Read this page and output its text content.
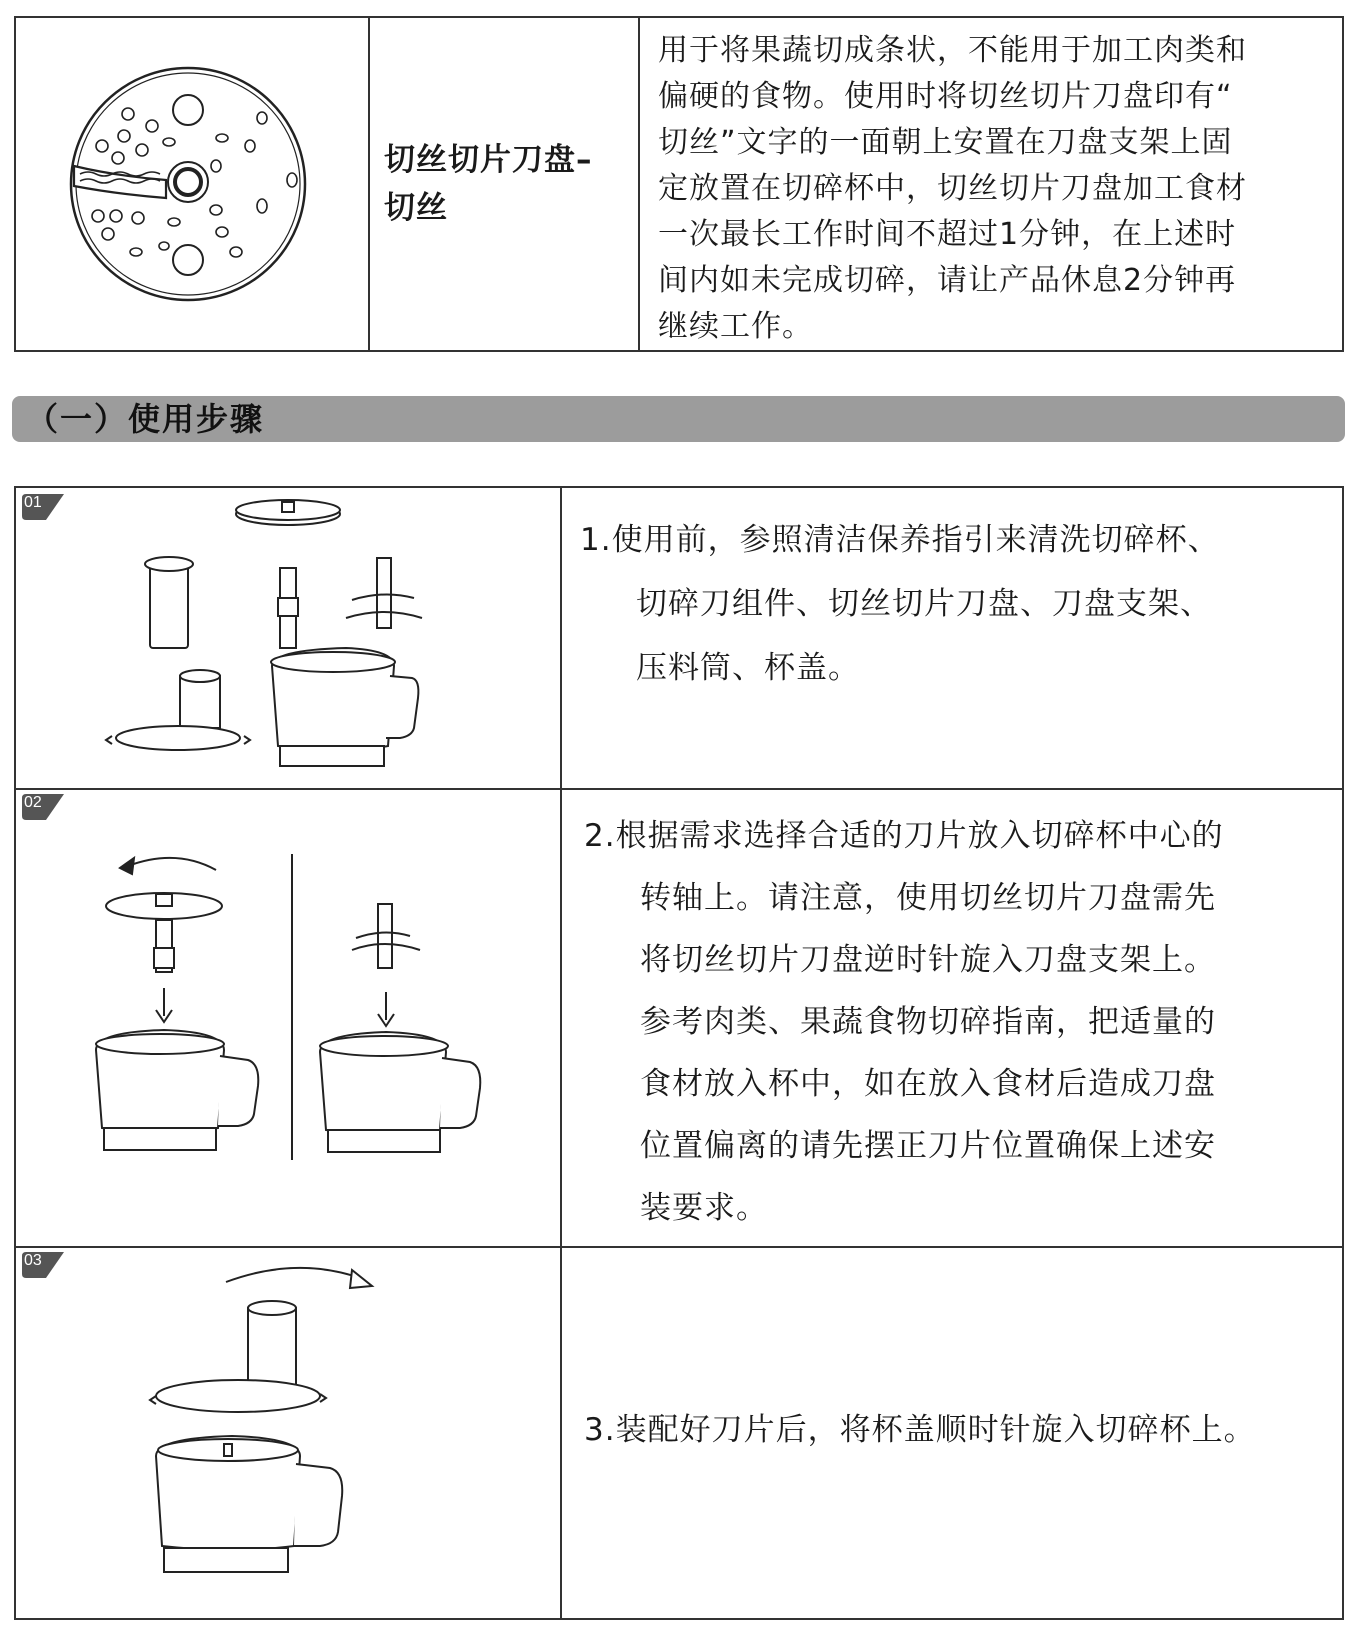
切丝切片刀盘–
切丝

用于将果蔬切成条状，不能用于加工肉类和

偏硬的食物。使用时将切丝切片刀盘印有“

切丝”文字的一面朝上安置在刀盘支架上固

定放置在切碎杯中，切丝切片刀盘加工食材

一次最长工作时间不超过1分钟，在上述时

间内如未完成切碎，请让产品休息2分钟再

继续工作。

（一）使用步骤
01

1.使用前，参照清洁保养指引来清洗切碎杯、

切碎刀组件、切丝切片刀盘、刀盘支架、

压料筒、杯盖。

02

2.根据需求选择合适的刀片放入切碎杯中心的

转轴上。请注意，使用切丝切片刀盘需先

将切丝切片刀盘逆时针旋入刀盘支架上。

参考肉类、果蔬食物切碎指南，把适量的

食材放入杯中，如在放入食材后造成刀盘

位置偏离的请先摆正刀片位置确保上述安

装要求。

03

3.装配好刀片后，将杯盖顺时针旋入切碎杯上。
